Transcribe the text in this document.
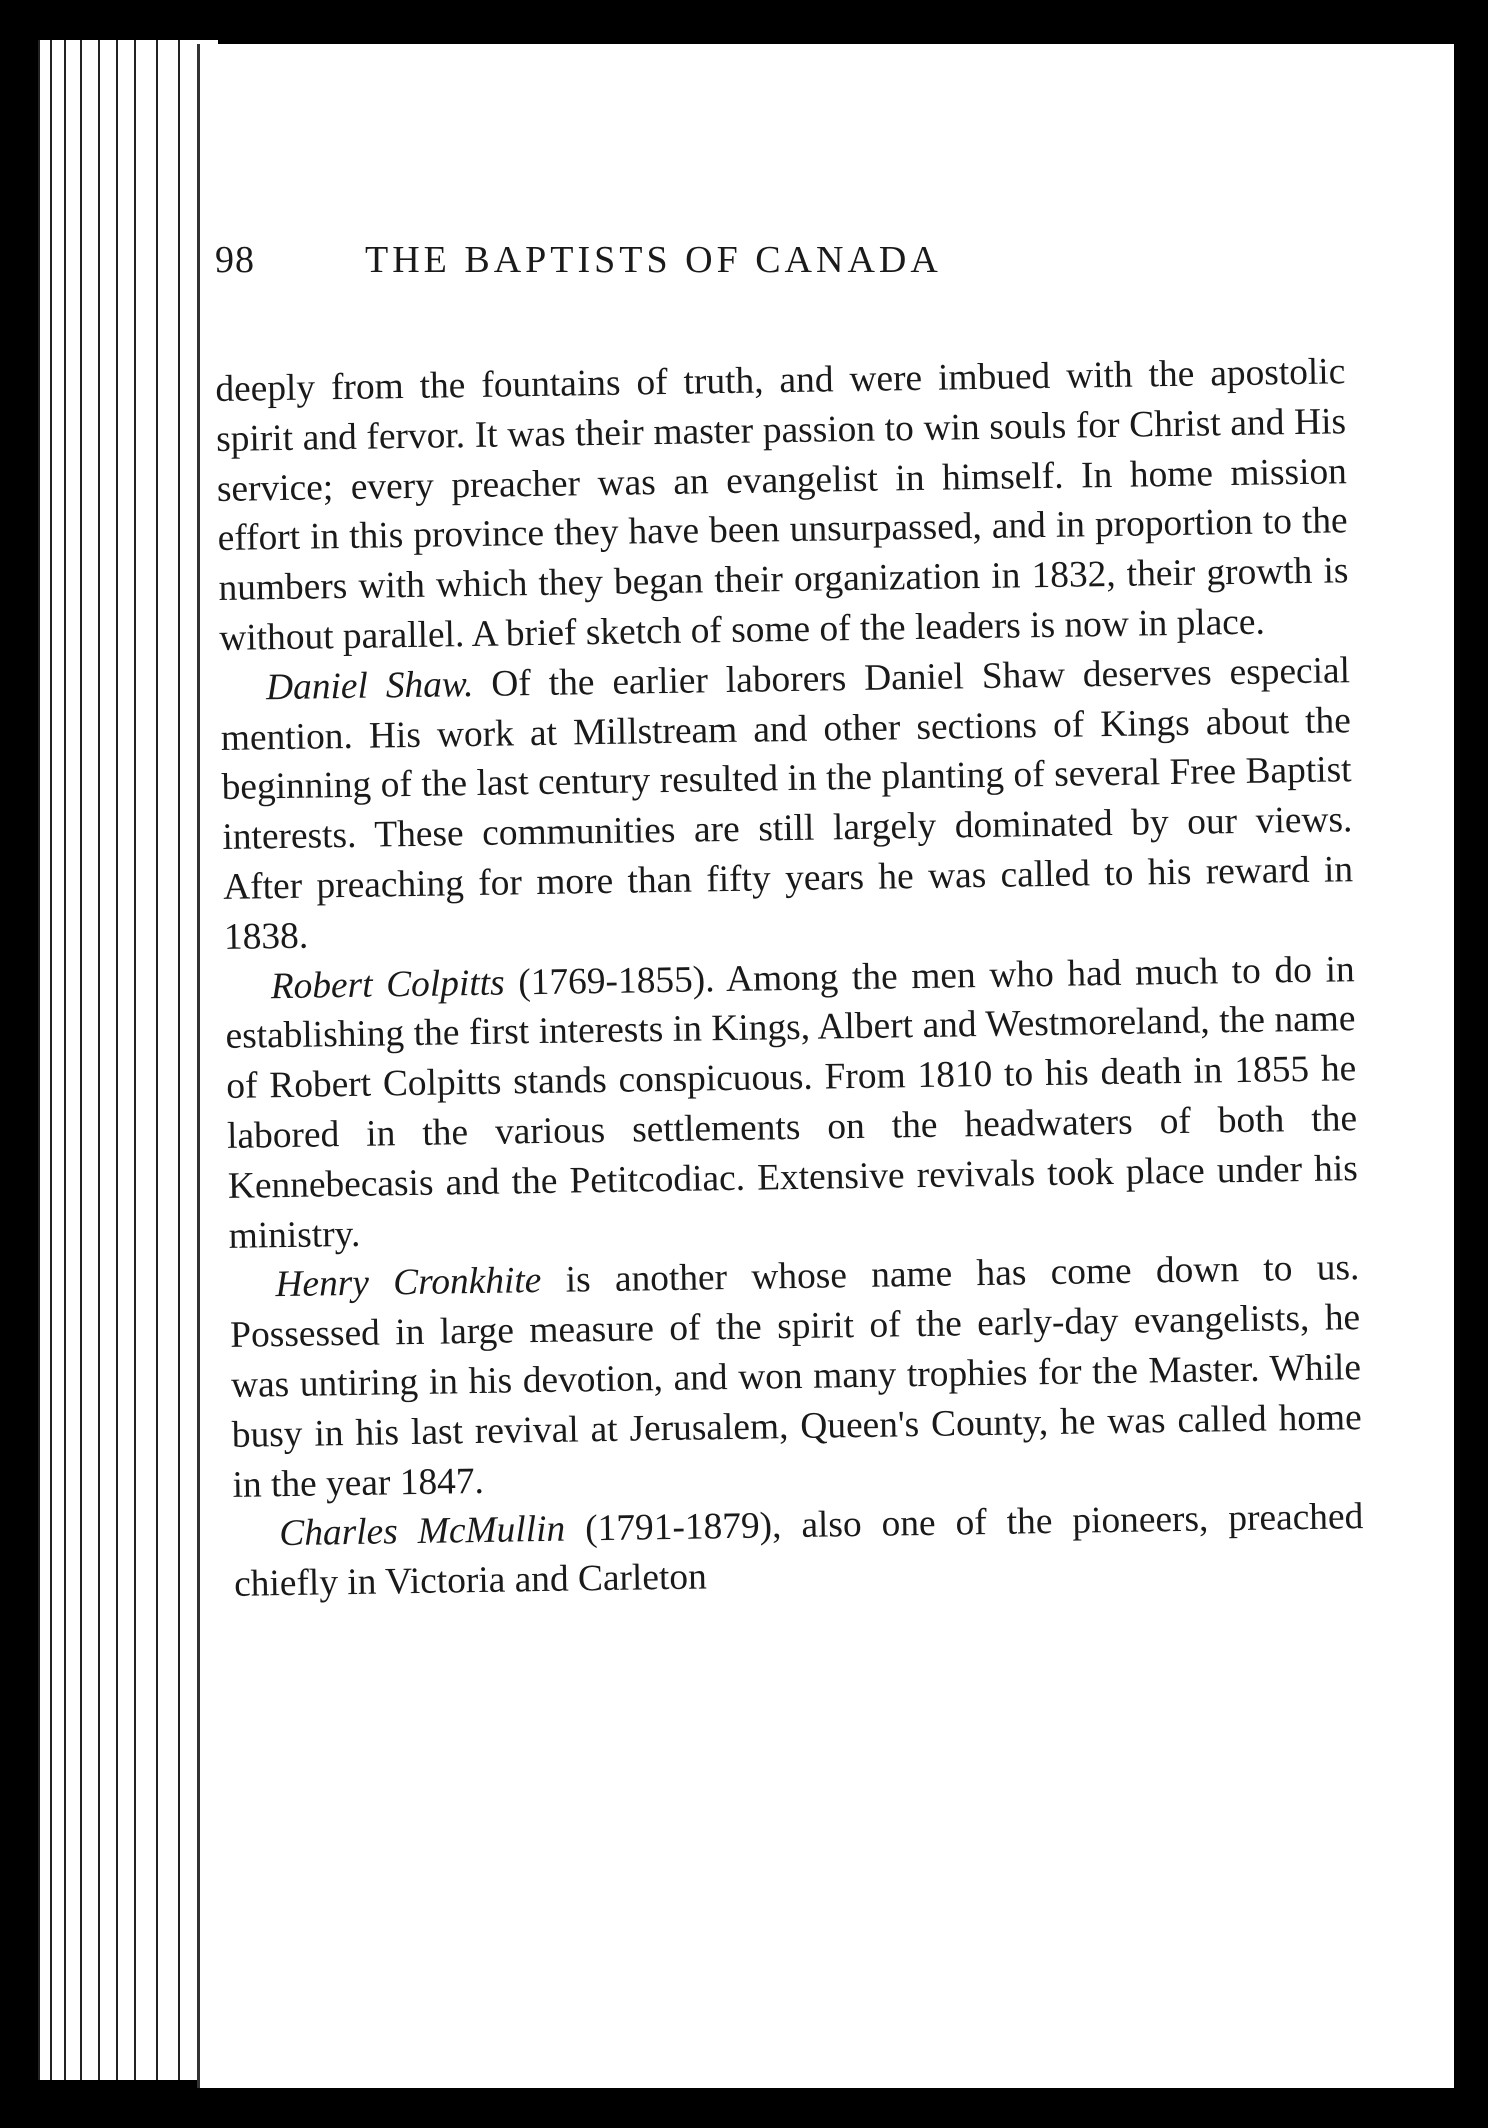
98	THE BAPTISTS OF CANADA

deeply from the fountains of truth, and were imbued with the apostolic spirit and fervor. It was their master passion to win souls for Christ and His service; every preacher was an evangelist in himself. In home mission effort in this province they have been unsurpassed, and in proportion to the numbers with which they began their organization in 1832, their growth is without parallel. A brief sketch of some of the leaders is now in place.

Daniel Shaw. Of the earlier laborers Daniel Shaw deserves especial mention. His work at Millstream and other sections of Kings about the beginning of the last century resulted in the planting of several Free Baptist interests. These communities are still largely dominated by our views. After preaching for more than fifty years he was called to his reward in 1838.

Robert Colpitts (1769-1855). Among the men who had much to do in establishing the first interests in Kings, Albert and Westmoreland, the name of Robert Colpitts stands conspicuous. From 1810 to his death in 1855 he labored in the various settlements on the headwaters of both the Kennebecasis and the Petitcodiac. Extensive revivals took place under his ministry.

Henry Cronkhite is another whose name has come down to us. Possessed in large measure of the spirit of the early-day evangelists, he was untiring in his devotion, and won many trophies for the Master. While busy in his last revival at Jerusalem, Queen's County, he was called home in the year 1847.

Charles McMullin (1791-1879), also one of the pioneers, preached chiefly in Victoria and Carleton
